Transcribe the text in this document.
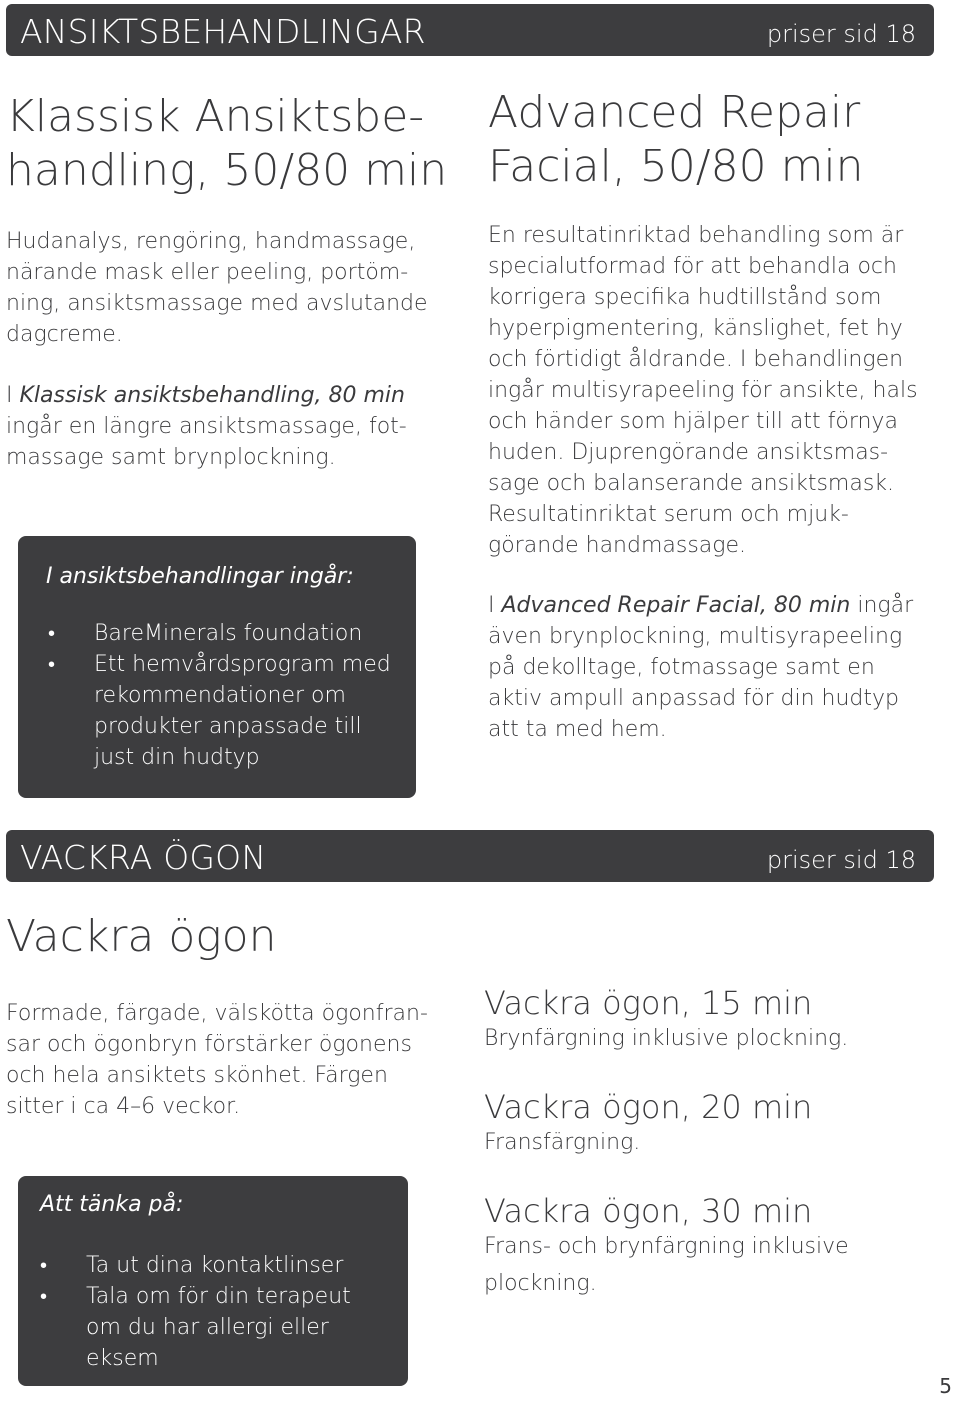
ANSIKTSBEHANDLINGAR	priser sid 18
Klassisk Ansiktsbe-
handling, 50/80 min
Hudanalys, rengöring, handmassage,
närande mask eller peeling, portöm-
ning, ansiktsmassage med avslutande
dagcreme.
I Klassisk ansiktsbehandling, 80 min
ingår en längre ansiktsmassage, fot-
massage samt brynplockning.
I ansiktsbehandlingar ingår:
• BareMinerals foundation
• Ett hemvårdsprogram med
rekommendationer om
produkter anpassade till
just din hudtyp
Advanced Repair
Facial, 50/80 min
En resultatinriktad behandling som är
specialutformad för att behandla och
korrigera specifika hudtillstånd som
hyperpigmentering, känslighet, fet hy
och förtidigt åldrande. I behandlingen
ingår multisyrapeeling för ansikte, hals
och händer som hjälper till att förnya
huden. Djuprengörande ansiktsmas-
sage och balanserande ansiktsmask.
Resultatinriktat serum och mjuk-
görande handmassage.
I Advanced Repair Facial, 80 min ingår
även brynplockning, multisyrapeeling
på dekolltage, fotmassage samt en
aktiv ampull anpassad för din hudtyp
att ta med hem.
VACKRA ÖGON	priser sid 18
Vackra ögon
Formade, färgade, välskötta ögonfran-
sar och ögonbryn förstärker ögonens
och hela ansiktets skönhet. Färgen
sitter i ca 4–6 veckor.
Att tänka på:
• Ta ut dina kontaktlinser
• Tala om för din terapeut
om du har allergi eller
eksem
Vackra ögon, 15 min
Brynfärgning inklusive plockning.
Vackra ögon, 20 min
Fransfärgning.
Vackra ögon, 30 min
Frans- och brynfärgning inklusive
plockning.
5
